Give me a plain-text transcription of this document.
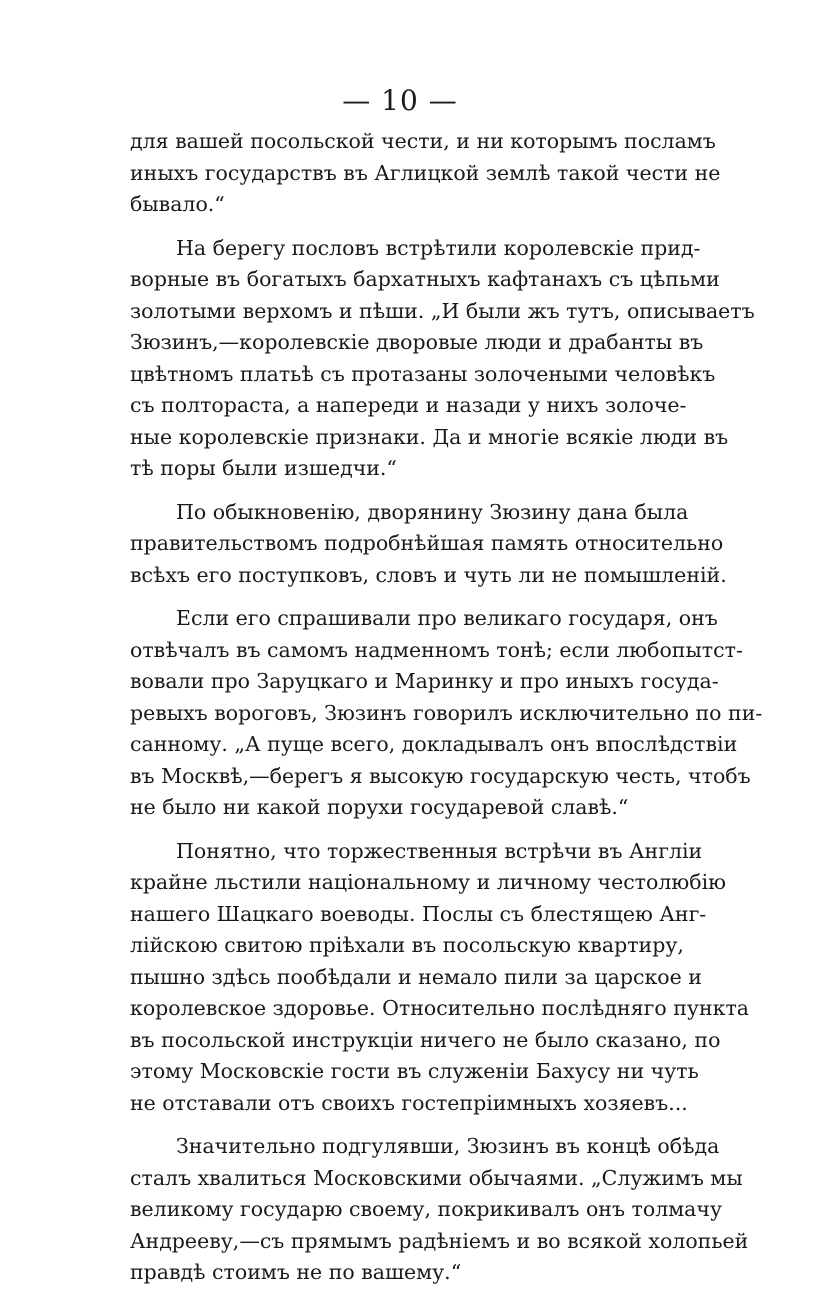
— 10 —
для вашей посольской чести, и ни которымъ посламъ
иныхъ государствъ въ Аглицкой землѣ такой чести не
бывало.“
На берегу пословъ встрѣтили королевскіе прид-
ворные въ богатыхъ бархатныхъ кафтанахъ съ цѣпьми
золотыми верхомъ и пѣши. „И были жъ тутъ, описываетъ
Зюзинъ,—королевскіе дворовые люди и драбанты въ
цвѣтномъ платьѣ съ протазаны золочеными человѣкъ
съ полтораста, а напереди и назади у нихъ золоче-
ные королевскіе признаки. Да и многіе всякіе люди въ
тѣ поры были изшедчи.“
По обыкновенію, дворянину Зюзину дана была
правительствомъ подробнѣйшая память относительно
всѣхъ его поступковъ, словъ и чуть ли не помышленій.
Если его спрашивали про великаго государя, онъ
отвѣчалъ въ самомъ надменномъ тонѣ; если любопытст-
вовали про Заруцкаго и Маринку и про иныхъ госуда-
ревыхъ вороговъ, Зюзинъ говорилъ исключительно по пи-
санному. „А пуще всего, докладывалъ онъ впослѣдствіи
въ Москвѣ,—берегъ я высокую государскую честь, чтобъ
не было ни какой порухи государевой славѣ.“
Понятно, что торжественныя встрѣчи въ Англіи
крайне льстили національному и личному честолюбію
нашего Шацкаго воеводы. Послы съ блестящею Анг-
лійскою свитою пріѣхали въ посольскую квартиру,
пышно здѣсь пообѣдали и немало пили за царское и
королевское здоровье. Относительно послѣдняго пункта
въ посольской инструкціи ничего не было сказано, по
этому Московскіе гости въ служеніи Бахусу ни чуть
не отставали отъ своихъ гостепріимныхъ хозяевъ...
Значительно подгулявши, Зюзинъ въ концѣ обѣда
сталъ хвалиться Московскими обычаями. „Служимъ мы
великому государю своему, покрикивалъ онъ толмачу
Андрееву,—съ прямымъ радѣніемъ и во всякой холопьей
правдѣ стоимъ не по вашему.“
